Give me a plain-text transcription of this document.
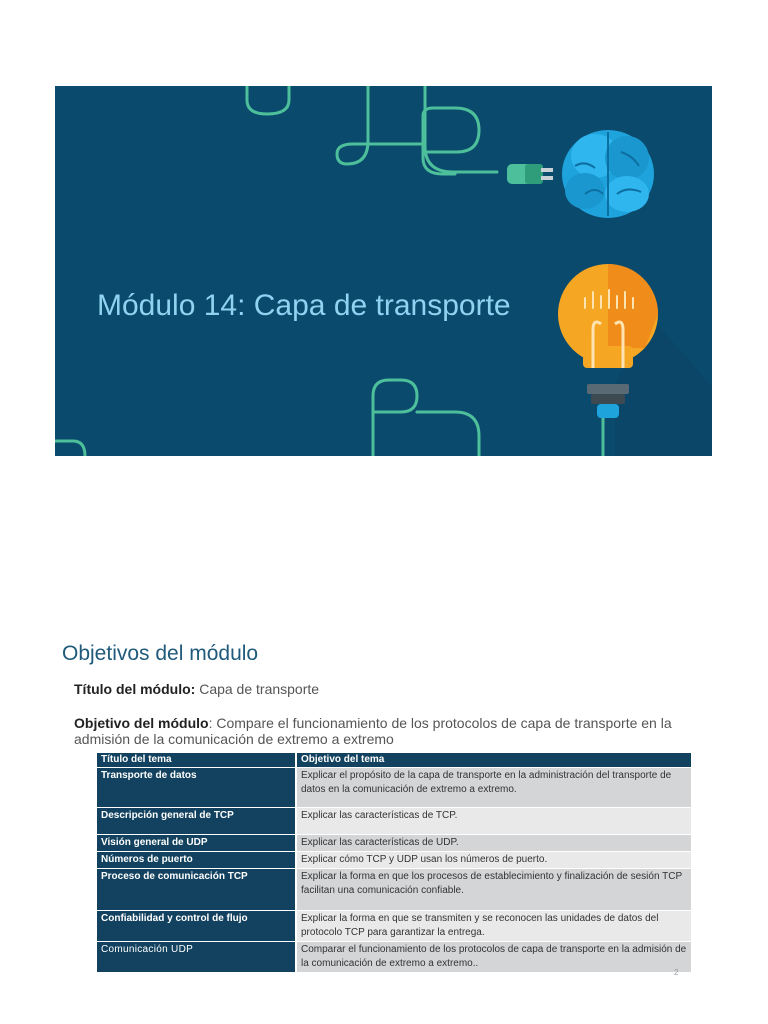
Módulo 14: Capa de transporte
Objetivos del módulo
Título del módulo: Capa de transporte
Objetivo del módulo: Compare el funcionamiento de los protocolos de capa de transporte en la admisión de la comunicación de extremo a extremo
Título del tema	Objetivo del tema
Transporte de datos	Explicar el propósito de la capa de transporte en la administración del transporte de datos en la comunicación de extremo a extremo.
Descripción general de TCP	Explicar las características de TCP.
Visión general de UDP	Explicar las características de UDP.
Números de puerto	Explicar cómo TCP y UDP usan los números de puerto.
Proceso de comunicación TCP	Explicar la forma en que los procesos de establecimiento y finalización de sesión TCP facilitan una comunicación confiable.
Confiabilidad y control de flujo	Explicar la forma en que se transmiten y se reconocen las unidades de datos del protocolo TCP para garantizar la entrega.
Comunicación UDP	Comparar el funcionamiento de los protocolos de capa de transporte en la admisión de la comunicación de extremo a extremo..
2
